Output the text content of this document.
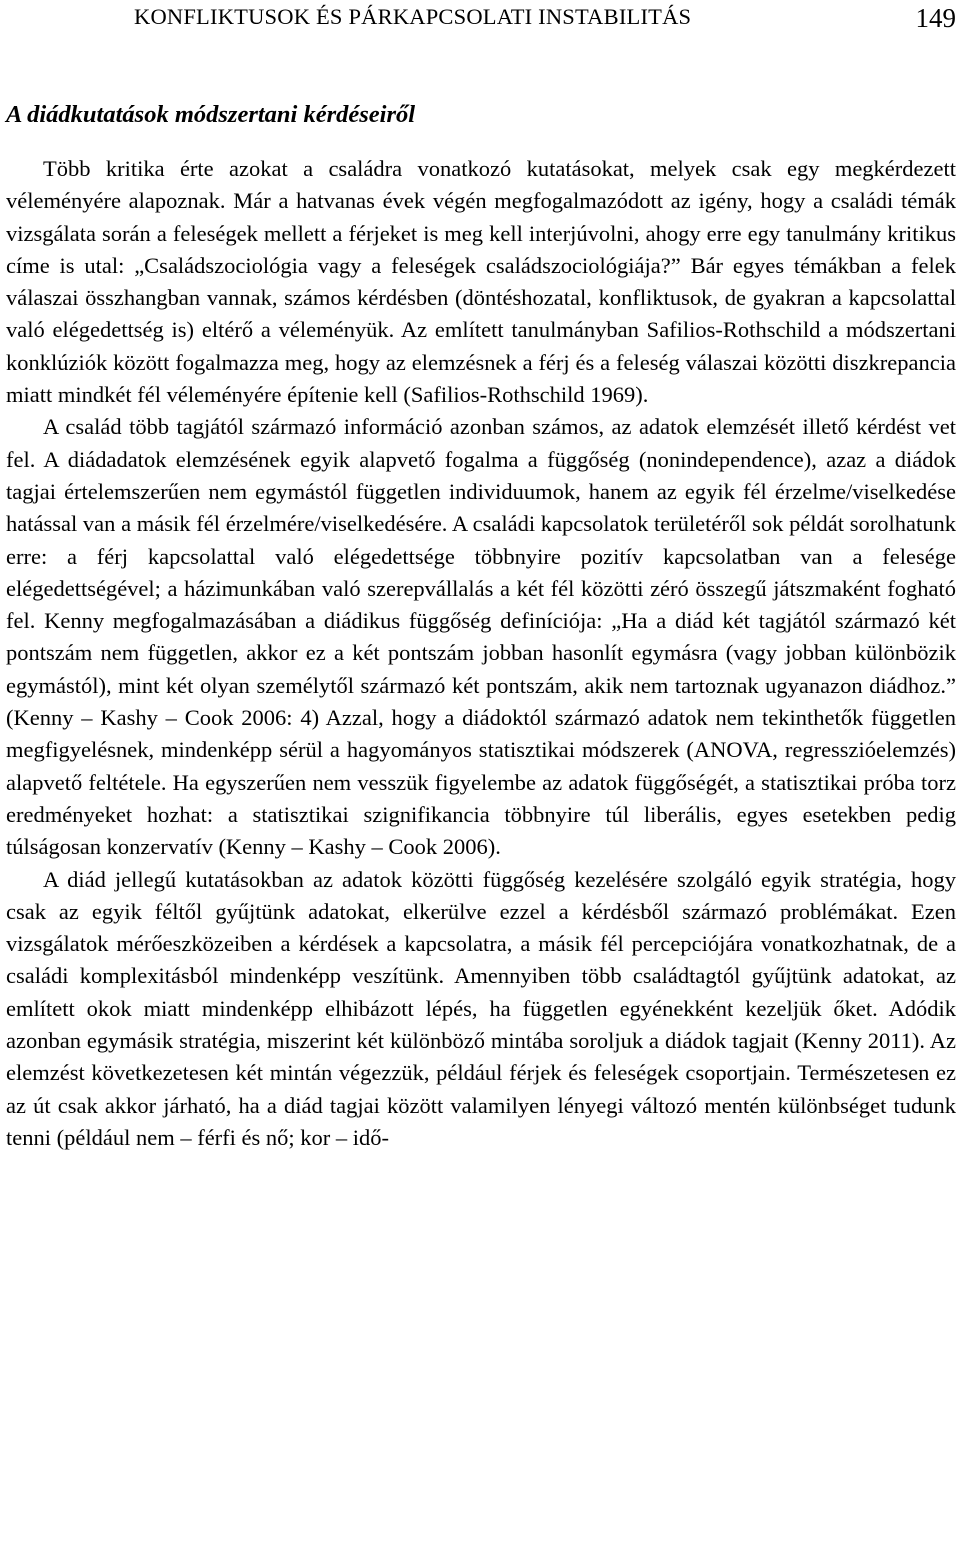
KONFLIKTUSOK ÉS PÁRKAPCSOLATI INSTABILITÁS	149
A diádkutatások módszertani kérdéseiről

Több kritika érte azokat a családra vonatkozó kutatásokat, melyek csak egy megkérdezett véleményére alapoznak. Már a hatvanas évek végén megfogalmazódott az igény, hogy a családi témák vizsgálata során a feleségek mellett a férjeket is meg kell interjúvolni, ahogy erre egy tanulmány kritikus címe is utal: „Családszociológia vagy a feleségek családszociológiája?” Bár egyes témákban a felek válaszai összhangban vannak, számos kérdésben (döntéshozatal, konfliktusok, de gyakran a kapcsolattal való elégedettség is) eltérő a véleményük. Az említett tanulmányban Safilios-Rothschild a módszertani konklúziók között fogalmazza meg, hogy az elemzésnek a férj és a feleség válaszai közötti diszkrepancia miatt mindkét fél véleményére építenie kell (Safilios-Rothschild 1969).

A család több tagjától származó információ azonban számos, az adatok elemzését illető kérdést vet fel. A diádadatok elemzésének egyik alapvető fogalma a függőség (nonindependence), azaz a diádok tagjai értelemszerűen nem egymástól független individuumok, hanem az egyik fél érzelme/viselkedése hatással van a másik fél érzelmére/viselkedésére. A családi kapcsolatok területéről sok példát sorolhatunk erre: a férj kapcsolattal való elégedettsége többnyire pozitív kapcsolatban van a felesége elégedettségével; a házimunkában való szerepvállalás a két fél közötti zéró összegű játszmaként fogható fel. Kenny megfogalmazásában a diádikus függőség definíciója: „Ha a diád két tagjától származó két pontszám nem független, akkor ez a két pontszám jobban hasonlít egymásra (vagy jobban különbözik egymástól), mint két olyan személytől származó két pontszám, akik nem tartoznak ugyanazon diádhoz.” (Kenny – Kashy – Cook 2006: 4) Azzal, hogy a diádoktól származó adatok nem tekinthetők független megfigyelésnek, mindenképp sérül a hagyományos statisztikai módszerek (ANOVA, regresszióelemzés) alapvető feltétele. Ha egyszerűen nem vesszük figyelembe az adatok függőségét, a statisztikai próba torz eredményeket hozhat: a statisztikai szignifikancia többnyire túl liberális, egyes esetekben pedig túlságosan konzervatív (Kenny – Kashy – Cook 2006).

A diád jellegű kutatásokban az adatok közötti függőség kezelésére szolgáló egyik stratégia, hogy csak az egyik féltől gyűjtünk adatokat, elkerülve ezzel a kérdésből származó problémákat. Ezen vizsgálatok mérőeszközeiben a kérdések a kapcsolatra, a másik fél percepciójára vonatkozhatnak, de a családi komplexitásból mindenképp veszítünk. Amennyiben több családtagtól gyűjtünk adatokat, az említett okok miatt mindenképp elhibázott lépés, ha független egyénekként kezeljük őket. Adódik azonban egymásik stratégia, miszerint két különböző mintába soroljuk a diádok tagjait (Kenny 2011). Az elemzést következetesen két mintán végezzük, például férjek és feleségek csoportjain. Természetesen ez az út csak akkor járható, ha a diád tagjai között valamilyen lényegi változó mentén különbséget tudunk tenni (például nem – férfi és nő; kor – idő-
